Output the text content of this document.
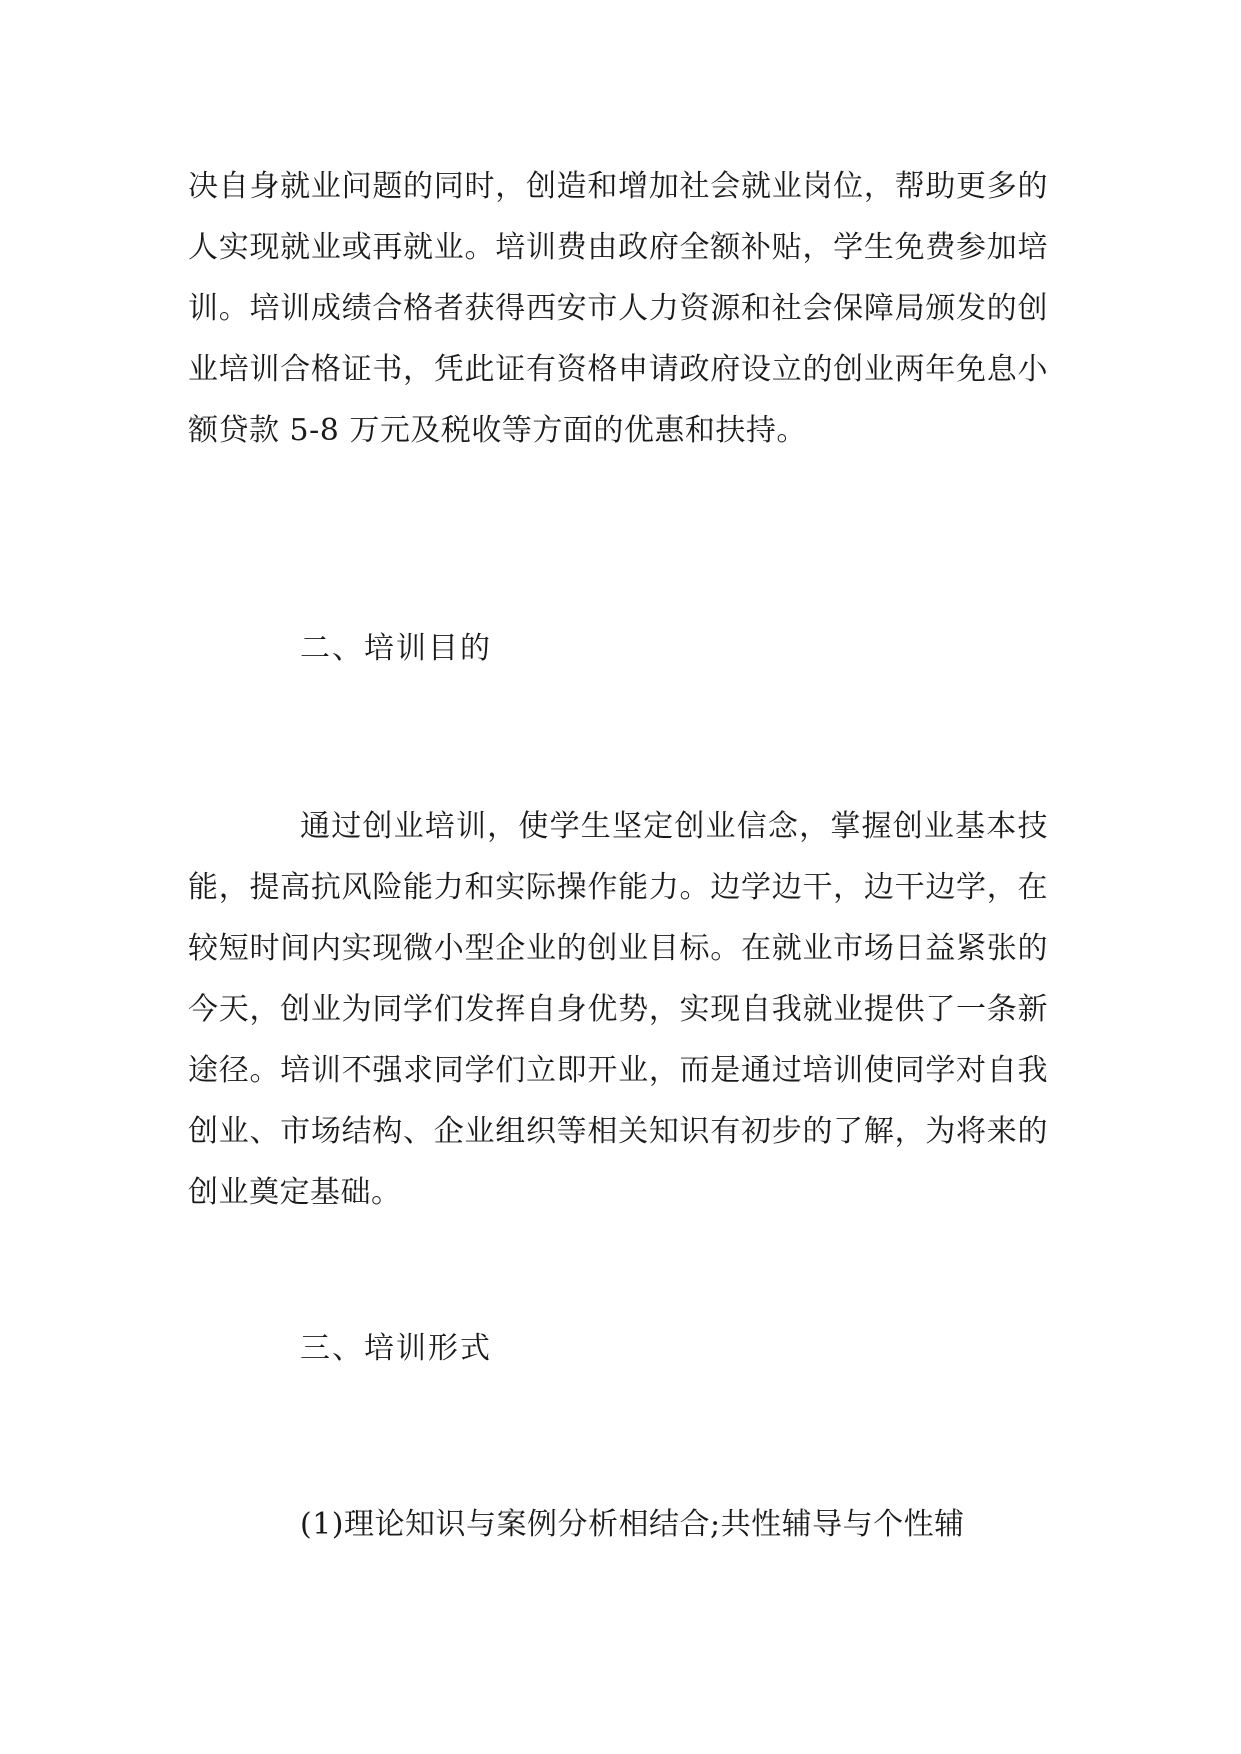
决自身就业问题的同时，创造和增加社会就业岗位，帮助更多的人实现就业或再就业。培训费由政府全额补贴，学生免费参加培训。培训成绩合格者获得西安市人力资源和社会保障局颁发的创业培训合格证书，凭此证有资格申请政府设立的创业两年免息小额贷款 5-8 万元及税收等方面的优惠和扶持。

二、培训目的

通过创业培训，使学生坚定创业信念，掌握创业基本技能，提高抗风险能力和实际操作能力。边学边干，边干边学，在较短时间内实现微小型企业的创业目标。在就业市场日益紧张的今天，创业为同学们发挥自身优势，实现自我就业提供了一条新途径。培训不强求同学们立即开业，而是通过培训使同学对自我创业、市场结构、企业组织等相关知识有初步的了解，为将来的创业奠定基础。

三、培训形式

(1)理论知识与案例分析相结合;共性辅导与个性辅
